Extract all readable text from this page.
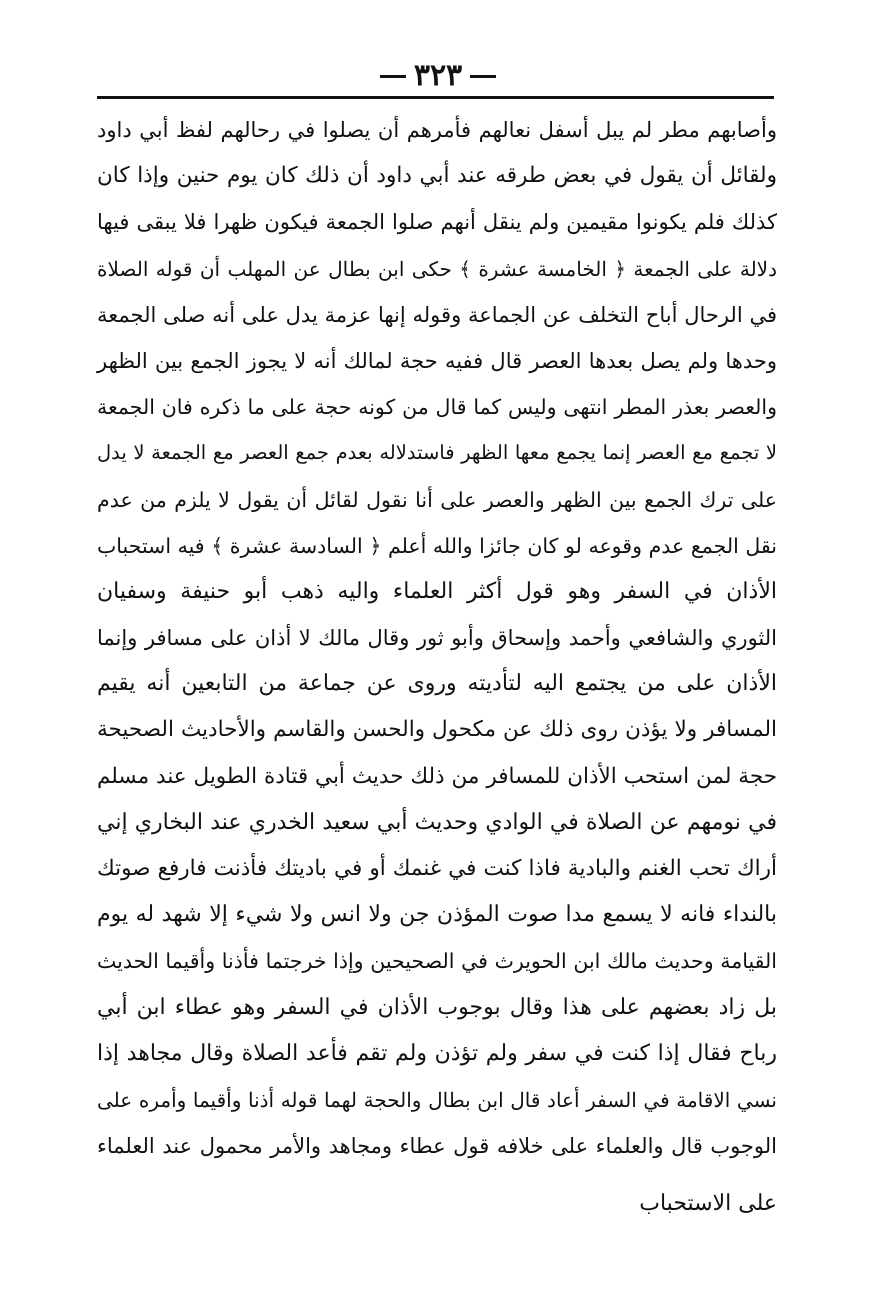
٣٢٣
وأصابهم مطر لم يبل أسفل نعالهم فأمرهم أن يصلوا في رحالهم لفظ أبي داود
ولقائل أن يقول في بعض طرقه عند أبي داود أن ذلك كان يوم حنين وإذا كان
كذلك فلم يكونوا مقيمين ولم ينقل أنهم صلوا الجمعة فيكون ظهرا فلا يبقى فيها
دلالة على الجمعة ﴿ الخامسة عشرة ﴾ حكى ابن بطال عن المهلب أن قوله الصلاة
في الرحال أباح التخلف عن الجماعة وقوله إنها عزمة يدل على أنه صلى الجمعة
وحدها ولم يصل بعدها العصر قال ففيه حجة لمالك أنه لا يجوز الجمع بين الظهر
والعصر بعذر المطر انتهى وليس كما قال من كونه حجة على ما ذكره فان الجمعة
لا تجمع مع العصر إنما يجمع معها الظهر فاستدلاله بعدم جمع العصر مع الجمعة لا يدل
على ترك الجمع بين الظهر والعصر على أنا نقول لقائل أن يقول لا يلزم من عدم
نقل الجمع عدم وقوعه لو كان جائزا والله أعلم ﴿ السادسة عشرة ﴾ فيه استحباب
الأذان في السفر وهو قول أكثر العلماء واليه ذهب أبو حنيفة وسفيان
الثوري والشافعي وأحمد وإسحاق وأبو ثور وقال مالك لا أذان على مسافر وإنما
الأذان على من يجتمع اليه لتأديته وروى عن جماعة من التابعين أنه يقيم
المسافر ولا يؤذن روى ذلك عن مكحول والحسن والقاسم والأحاديث الصحيحة
حجة لمن استحب الأذان للمسافر من ذلك حديث أبي قتادة الطويل عند مسلم
في نومهم عن الصلاة في الوادي وحديث أبي سعيد الخدري عند البخاري إني
أراك تحب الغنم والبادية فاذا كنت في غنمك أو في باديتك فأذنت فارفع صوتك
بالنداء فانه لا يسمع مدا صوت المؤذن جن ولا انس ولا شيء إلا شهد له يوم
القيامة وحديث مالك ابن الحويرث في الصحيحين وإذا خرجتما فأذنا وأقيما الحديث
بل زاد بعضهم على هذا وقال بوجوب الأذان في السفر وهو عطاء ابن أبي
رباح فقال إذا كنت في سفر ولم تؤذن ولم تقم فأعد الصلاة وقال مجاهد إذا
نسي الاقامة في السفر أعاد قال ابن بطال والحجة لهما قوله أذنا وأقيما وأمره على
الوجوب قال والعلماء على خلافه قول عطاء ومجاهد والأمر محمول عند العلماء
على الاستحباب
